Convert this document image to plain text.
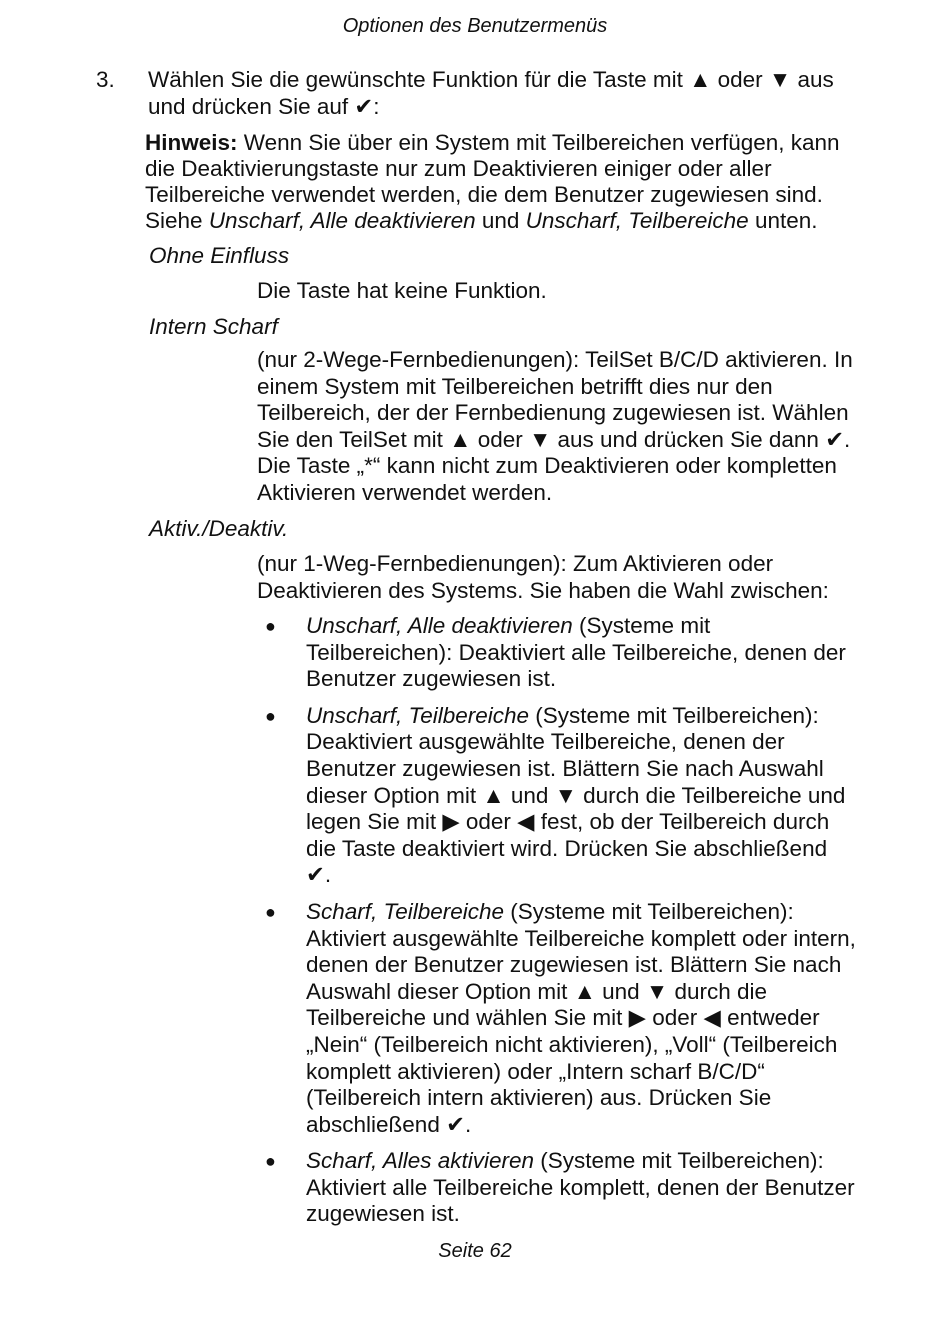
Optionen des Benutzermenüs
3. Wählen Sie die gewünschte Funktion für die Taste mit ▲ oder ▼ aus
und drücken Sie auf ✔:
Hinweis: Wenn Sie über ein System mit Teilbereichen verfügen, kann die Deaktivierungstaste nur zum Deaktivieren einiger oder aller Teilbereiche verwendet werden, die dem Benutzer zugewiesen sind.
Siehe Unscharf, Alle deaktivieren und Unscharf, Teilbereiche unten.
Ohne Einfluss
Die Taste hat keine Funktion.
Intern Scharf
(nur 2-Wege-Fernbedienungen): TeilSet B/C/D aktivieren. In einem System mit Teilbereichen betrifft dies nur den Teilbereich, der der Fernbedienung zugewiesen ist. Wählen Sie den TeilSet mit ▲ oder ▼ aus und drücken Sie dann ✔. Die Taste „*“ kann nicht zum Deaktivieren oder kompletten Aktivieren verwendet werden.
Aktiv./Deaktiv.
(nur 1-Weg-Fernbedienungen): Zum Aktivieren oder Deaktivieren des Systems. Sie haben die Wahl zwischen:
● Unscharf, Alle deaktivieren (Systeme mit Teilbereichen): Deaktiviert alle Teilbereiche, denen der Benutzer zugewiesen ist.
● Unscharf, Teilbereiche (Systeme mit Teilbereichen): Deaktiviert ausgewählte Teilbereiche, denen der Benutzer zugewiesen ist. Blättern Sie nach Auswahl dieser Option mit ▲ und ▼ durch die Teilbereiche und legen Sie mit ▶ oder ◀ fest, ob der Teilbereich durch die Taste deaktiviert wird. Drücken Sie abschließend ✔.
● Scharf, Teilbereiche (Systeme mit Teilbereichen): Aktiviert ausgewählte Teilbereiche komplett oder intern, denen der Benutzer zugewiesen ist. Blättern Sie nach Auswahl dieser Option mit ▲ und ▼ durch die Teilbereiche und wählen Sie mit ▶ oder ◀ entweder „Nein“ (Teilbereich nicht aktivieren), „Voll“ (Teilbereich komplett aktivieren) oder „Intern scharf B/C/D“ (Teilbereich intern aktivieren) aus. Drücken Sie abschließend ✔.
● Scharf, Alles aktivieren (Systeme mit Teilbereichen): Aktiviert alle Teilbereiche komplett, denen der Benutzer zugewiesen ist.
Seite 62
